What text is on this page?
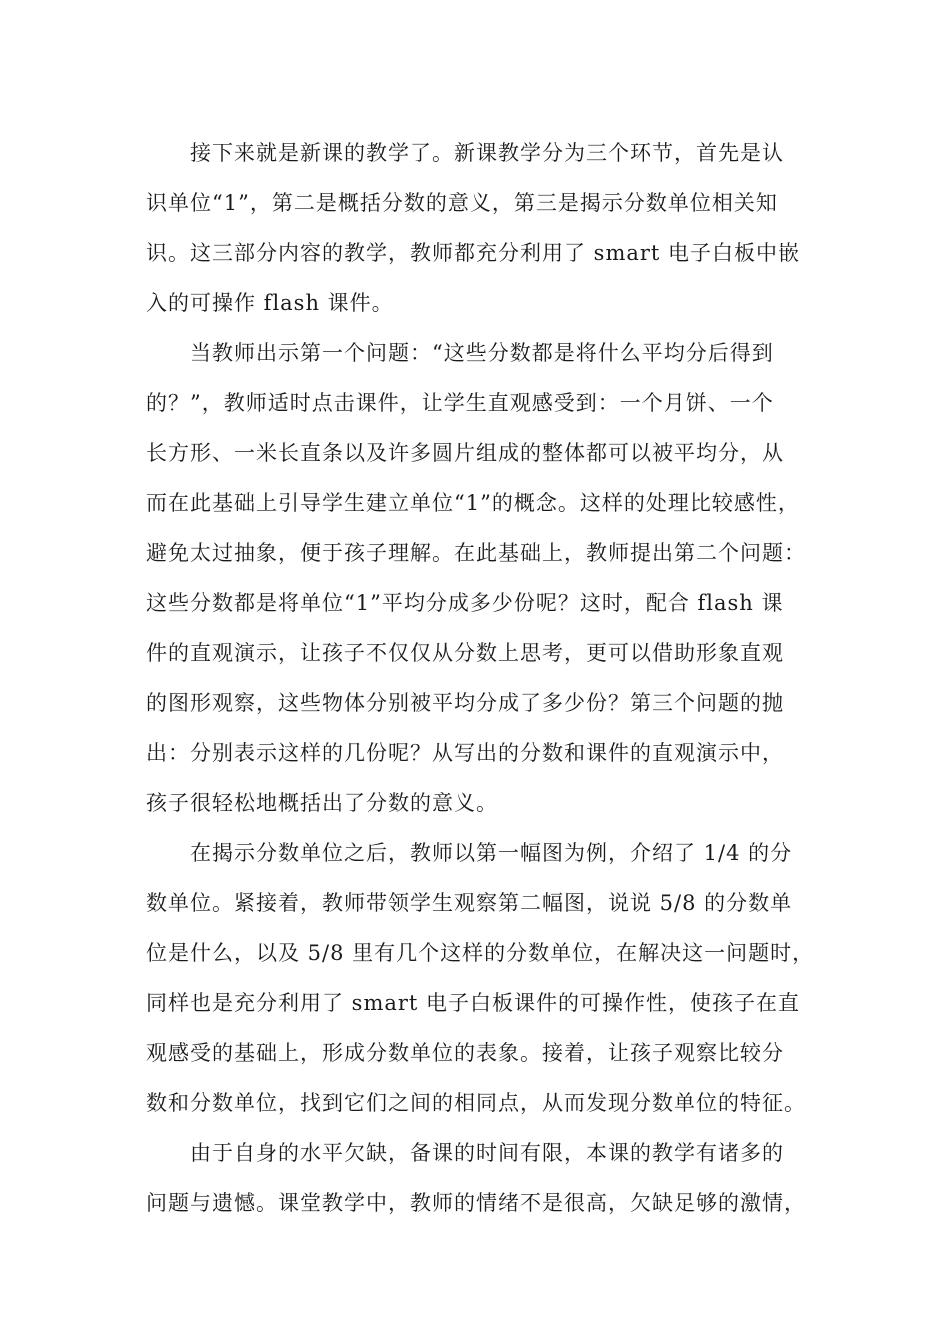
接下来就是新课的教学了。新课教学分为三个环节，首先是认
识单位“1”，第二是概括分数的意义，第三是揭示分数单位相关知
识。这三部分内容的教学，教师都充分利用了 smart 电子白板中嵌
入的可操作 flash 课件。
当教师出示第一个问题：“这些分数都是将什么平均分后得到
的？”，教师适时点击课件，让学生直观感受到：一个月饼、一个
长方形、一米长直条以及许多圆片组成的整体都可以被平均分，从
而在此基础上引导学生建立单位“1”的概念。这样的处理比较感性，
避免太过抽象，便于孩子理解。在此基础上，教师提出第二个问题：
这些分数都是将单位“1”平均分成多少份呢？这时，配合 flash 课
件的直观演示，让孩子不仅仅从分数上思考，更可以借助形象直观
的图形观察，这些物体分别被平均分成了多少份？第三个问题的抛
出：分别表示这样的几份呢？从写出的分数和课件的直观演示中，
孩子很轻松地概括出了分数的意义。
在揭示分数单位之后，教师以第一幅图为例，介绍了 1/4 的分
数单位。紧接着，教师带领学生观察第二幅图，说说 5/8 的分数单
位是什么，以及 5/8 里有几个这样的分数单位，在解决这一问题时，
同样也是充分利用了 smart 电子白板课件的可操作性，使孩子在直
观感受的基础上，形成分数单位的表象。接着，让孩子观察比较分
数和分数单位，找到它们之间的相同点，从而发现分数单位的特征。
由于自身的水平欠缺，备课的时间有限，本课的教学有诸多的
问题与遗憾。课堂教学中，教师的情绪不是很高，欠缺足够的激情，
